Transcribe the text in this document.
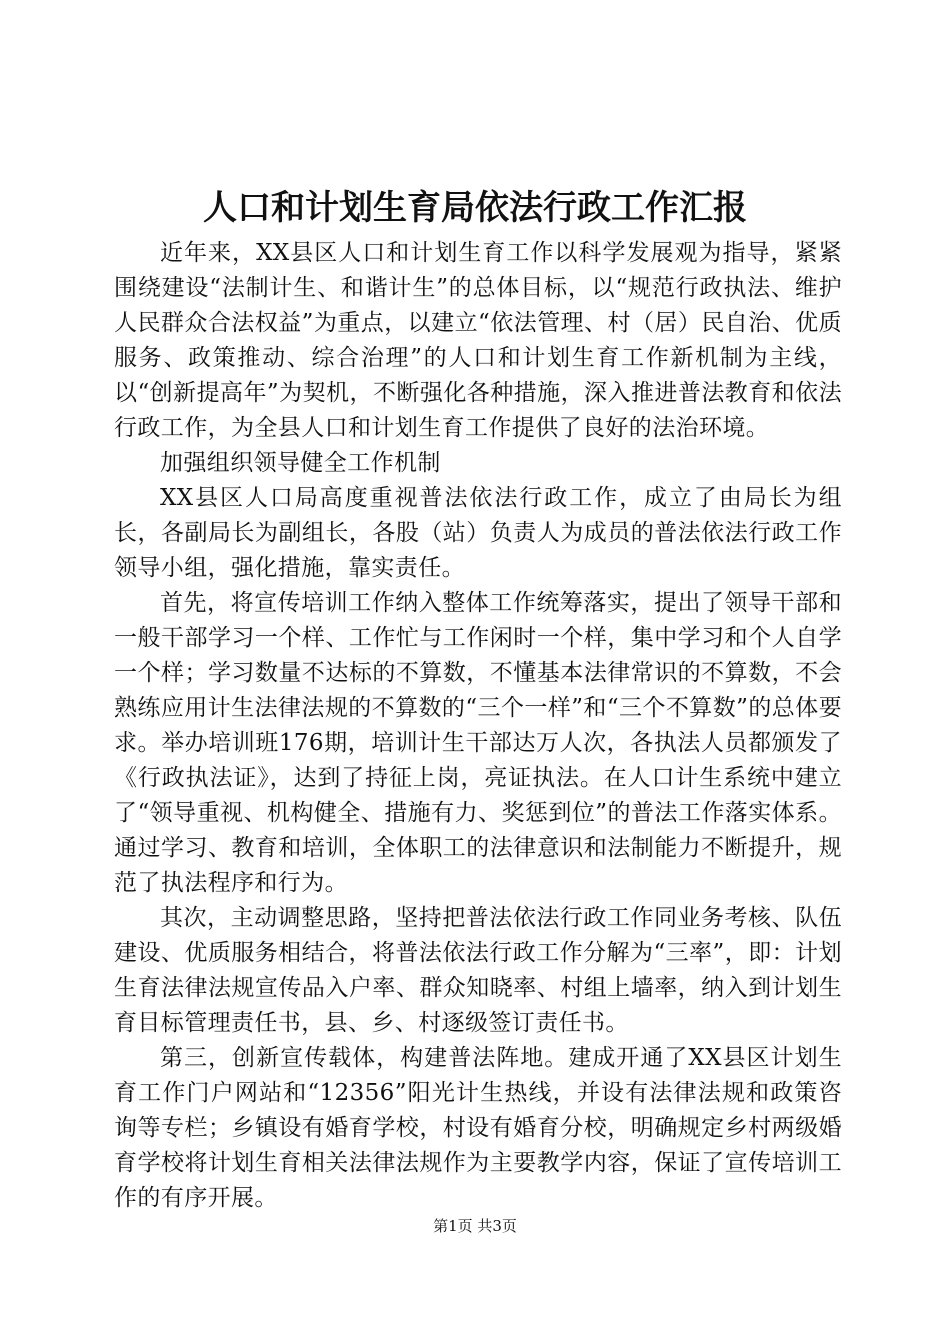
人口和计划生育局依法行政工作汇报

近年来，XX县区人口和计划生育工作以科学发展观为指导，紧紧围绕建设“法制计生、和谐计生”的总体目标，以“规范行政执法、维护人民群众合法权益”为重点，以建立“依法管理、村（居）民自治、优质服务、政策推动、综合治理”的人口和计划生育工作新机制为主线，以“创新提高年”为契机，不断强化各种措施，深入推进普法教育和依法行政工作，为全县人口和计划生育工作提供了良好的法治环境。

加强组织领导健全工作机制

XX县区人口局高度重视普法依法行政工作，成立了由局长为组长，各副局长为副组长，各股（站）负责人为成员的普法依法行政工作领导小组，强化措施，靠实责任。

首先，将宣传培训工作纳入整体工作统筹落实，提出了领导干部和一般干部学习一个样、工作忙与工作闲时一个样，集中学习和个人自学一个样；学习数量不达标的不算数，不懂基本法律常识的不算数，不会熟练应用计生法律法规的不算数的“三个一样”和“三个不算数”的总体要求。举办培训班176期，培训计生干部达万人次，各执法人员都颁发了《行政执法证》，达到了持征上岗，亮证执法。在人口计生系统中建立了“领导重视、机构健全、措施有力、奖惩到位”的普法工作落实体系。通过学习、教育和培训，全体职工的法律意识和法制能力不断提升，规范了执法程序和行为。

其次，主动调整思路，坚持把普法依法行政工作同业务考核、队伍建设、优质服务相结合，将普法依法行政工作分解为“三率”，即：计划生育法律法规宣传品入户率、群众知晓率、村组上墙率，纳入到计划生育目标管理责任书，县、乡、村逐级签订责任书。

第三，创新宣传载体，构建普法阵地。建成开通了XX县区计划生育工作门户网站和“12356”阳光计生热线，并设有法律法规和政策咨询等专栏；乡镇设有婚育学校，村设有婚育分校，明确规定乡村两级婚育学校将计划生育相关法律法规作为主要教学内容，保证了宣传培训工作的有序开展。

第1页 共3页
